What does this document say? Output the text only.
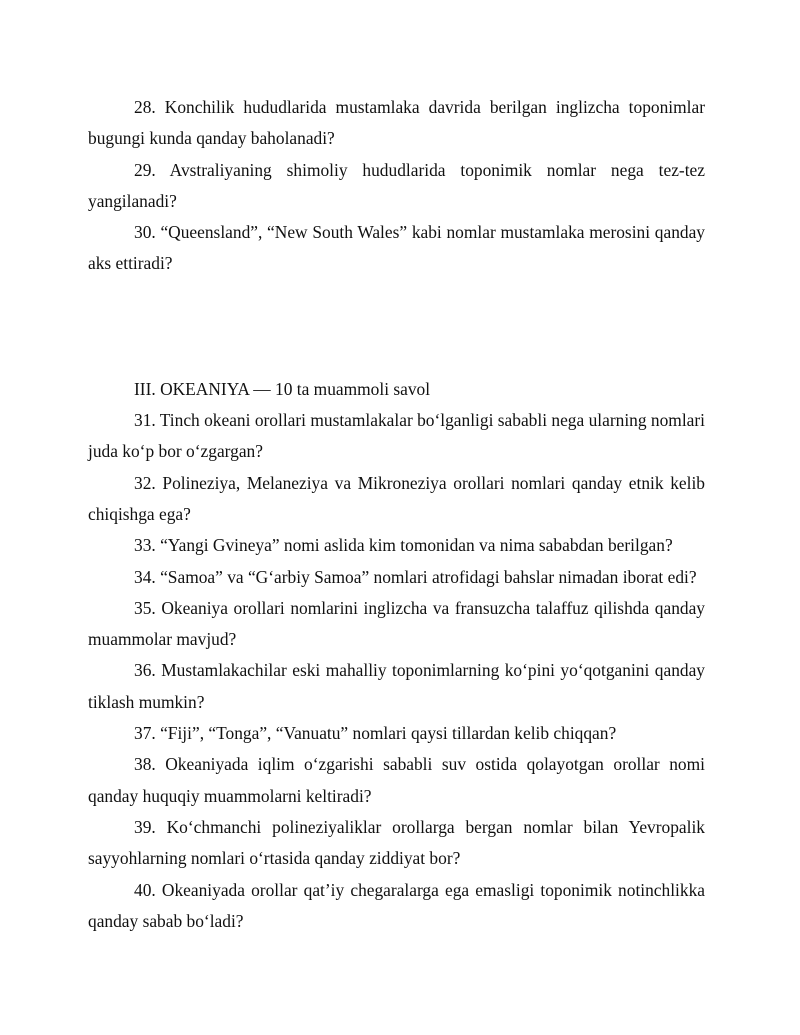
28. Konchilik hududlarida mustamlaka davrida berilgan inglizcha toponimlar bugungi kunda qanday baholanadi?

29. Avstraliyaning shimoliy hududlarida toponimik nomlar nega tez-tez yangilanadi?

30. “Queensland”, “New South Wales” kabi nomlar mustamlaka merosini qanday aks ettiradi?

III. OKEANIYA — 10 ta muammoli savol

31. Tinch okeani orollari mustamlakalar bo‘lganligi sababli nega ularning nomlari juda ko‘p bor o‘zgargan?

32. Polineziya, Melaneziya va Mikroneziya orollari nomlari qanday etnik kelib chiqishga ega?

33. “Yangi Gvineya” nomi aslida kim tomonidan va nima sababdan berilgan?

34. “Samoa” va “G‘arbiy Samoa” nomlari atrofidagi bahslar nimadan iborat edi?

35. Okeaniya orollari nomlarini inglizcha va fransuzcha talaffuz qilishda qanday muammolar mavjud?

36. Mustamlakachilar eski mahalliy toponimlarning ko‘pini yo‘qotganini qanday tiklash mumkin?

37. “Fiji”, “Tonga”, “Vanuatu” nomlari qaysi tillardan kelib chiqqan?

38. Okeaniyada iqlim o‘zgarishi sababli suv ostida qolayotgan orollar nomi qanday huquqiy muammolarni keltiradi?

39. Ko‘chmanchi polineziyaliklar orollarga bergan nomlar bilan Yevropalik sayyohlarning nomlari o‘rtasida qanday ziddiyat bor?

40. Okeaniyada orollar qat’iy chegaralarga ega emasligi toponimik notinchlikka qanday sabab bo‘ladi?
